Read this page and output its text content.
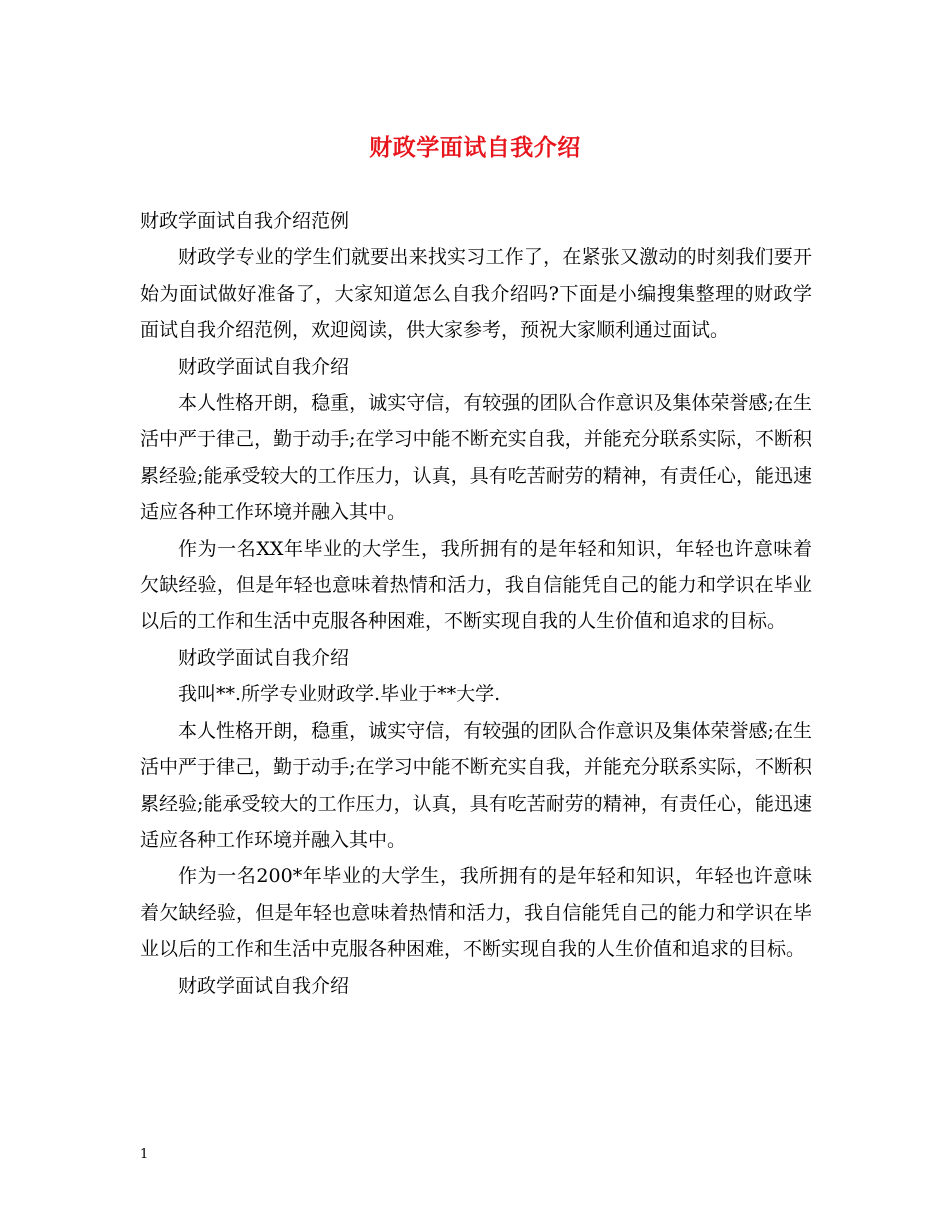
财政学面试自我介绍

财政学面试自我介绍范例

财政学专业的学生们就要出来找实习工作了，在紧张又激动的时刻我们要开始为面试做好准备了，大家知道怎么自我介绍吗?下面是小编搜集整理的财政学面试自我介绍范例，欢迎阅读，供大家参考，预祝大家顺利通过面试。

财政学面试自我介绍

本人性格开朗，稳重，诚实守信，有较强的团队合作意识及集体荣誉感;在生活中严于律己，勤于动手;在学习中能不断充实自我，并能充分联系实际，不断积累经验;能承受较大的工作压力，认真，具有吃苦耐劳的精神，有责任心，能迅速适应各种工作环境并融入其中。

作为一名XX年毕业的大学生，我所拥有的是年轻和知识，年轻也许意味着欠缺经验，但是年轻也意味着热情和活力，我自信能凭自己的能力和学识在毕业以后的工作和生活中克服各种困难，不断实现自我的人生价值和追求的目标。

财政学面试自我介绍

我叫**.所学专业财政学.毕业于**大学.

本人性格开朗，稳重，诚实守信，有较强的团队合作意识及集体荣誉感;在生活中严于律己，勤于动手;在学习中能不断充实自我，并能充分联系实际，不断积累经验;能承受较大的工作压力，认真，具有吃苦耐劳的精神，有责任心，能迅速适应各种工作环境并融入其中。

作为一名200*年毕业的大学生，我所拥有的是年轻和知识，年轻也许意味着欠缺经验，但是年轻也意味着热情和活力，我自信能凭自己的能力和学识在毕业以后的工作和生活中克服各种困难，不断实现自我的人生价值和追求的目标。

财政学面试自我介绍

1
